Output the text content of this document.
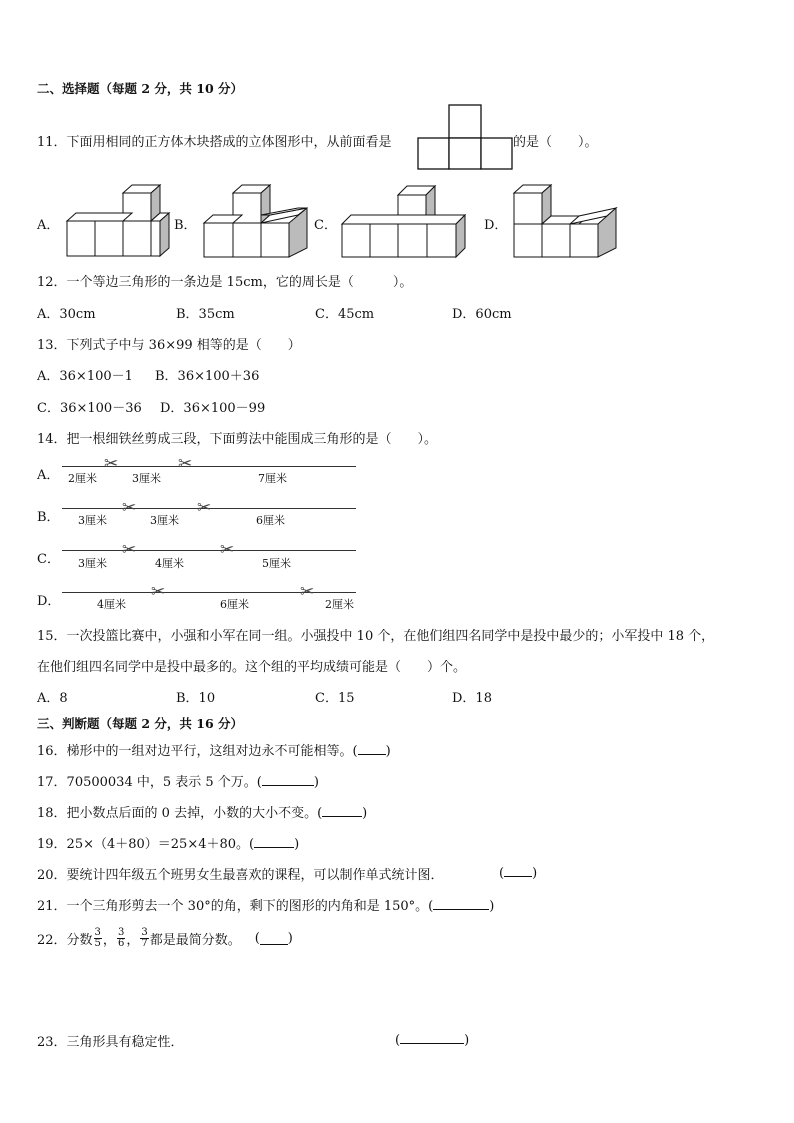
二、选择题（每题 2 分，共 10 分）
11．下面用相同的正方体木块搭成的立体图形中，从前面看是	的是（　　）。
A．	B．	C．	D．
12．一个等边三角形的一条边是 15cm，它的周长是（　　　）。
A．30cm	B．35cm	C．45cm	D．60cm
13．下列式子中与 36×99 相等的是（　　）
A．36×100－1 B．36×100＋36
C．36×100－36 D．36×100－99
14．把一根细铁丝剪成三段，下面剪法中能围成三角形的是（　　）。
A．
✂	✂
2厘米	3厘米	7厘米
B．	✂	✂
3厘米	3厘米	6厘米
C．	✂	✂
3厘米	4厘米	5厘米
D．	✂	✂
4厘米	6厘米	2厘米
15．一次投篮比赛中，小强和小军在同一组。小强投中 10 个，在他们组四名同学中是投中最少的；小军投中 18 个，
在他们组四名同学中是投中最多的。这个组的平均成绩可能是（　　）个。
A．8	B．10	C．15	D．18
三、判断题（每题 2 分，共 16 分）
16．梯形中的一组对边平行，这组对边永不可能相等。( )
17．70500034 中，5 表示 5 个万。(	)
18．把小数点后面的 0 去掉，小数的大小不变。(	)
19．25×（4＋80）＝25×4＋80。(	)
20．要统计四年级五个班男女生最喜欢的课程，可以制作单式统计图．	( )
21．一个三角形剪去一个 30°的角，剩下的图形的内角和是 150°。(	)
22．分数 $\frac{3}{5}$ ， $\frac{3}{6}$ ， $\frac{3}{7}$ 都是最简分数。 ( )
23．三角形具有稳定性．	(	)
